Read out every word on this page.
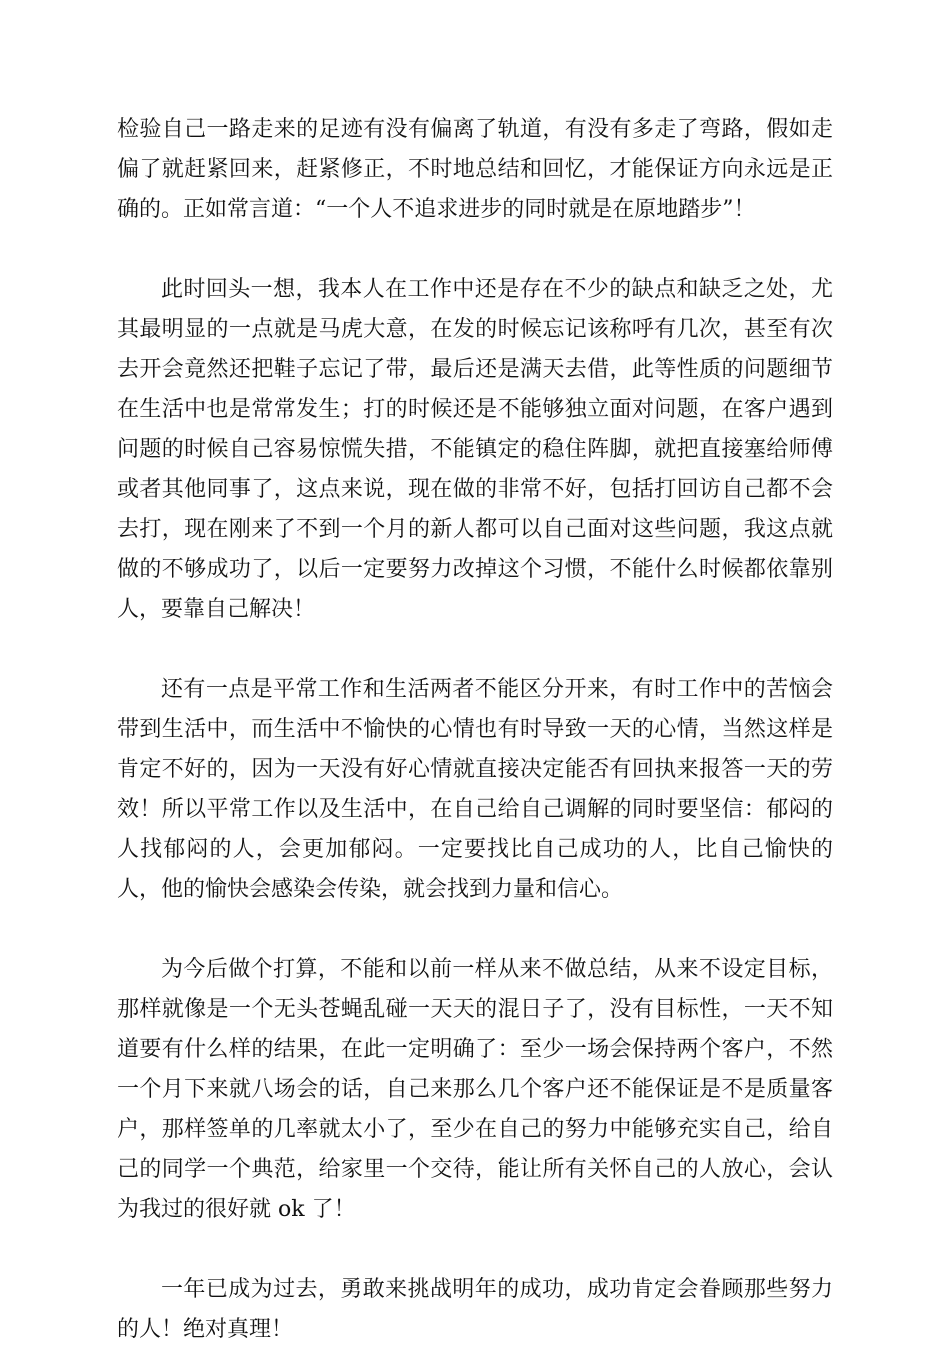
检验自己一路走来的足迹有没有偏离了轨道，有没有多走了弯路，假如走偏了就赶紧回来，赶紧修正，不时地总结和回忆，才能保证方向永远是正确的。正如常言道：“一个人不追求进步的同时就是在原地踏步”！

此时回头一想，我本人在工作中还是存在不少的缺点和缺乏之处，尤其最明显的一点就是马虎大意，在发的时候忘记该称呼有几次，甚至有次去开会竟然还把鞋子忘记了带，最后还是满天去借，此等性质的问题细节在生活中也是常常发生；打的时候还是不能够独立面对问题，在客户遇到问题的时候自己容易惊慌失措，不能镇定的稳住阵脚，就把直接塞给师傅或者其他同事了，这点来说，现在做的非常不好，包括打回访自己都不会去打，现在刚来了不到一个月的新人都可以自己面对这些问题，我这点就做的不够成功了，以后一定要努力改掉这个习惯，不能什么时候都依靠别人，要靠自己解决！

还有一点是平常工作和生活两者不能区分开来，有时工作中的苦恼会带到生活中，而生活中不愉快的心情也有时导致一天的心情，当然这样是肯定不好的，因为一天没有好心情就直接决定能否有回执来报答一天的劳效！所以平常工作以及生活中，在自己给自己调解的同时要坚信：郁闷的人找郁闷的人，会更加郁闷。一定要找比自己成功的人，比自己愉快的人，他的愉快会感染会传染，就会找到力量和信心。

为今后做个打算，不能和以前一样从来不做总结，从来不设定目标，那样就像是一个无头苍蝇乱碰一天天的混日子了，没有目标性，一天不知道要有什么样的结果，在此一定明确了：至少一场会保持两个客户，不然一个月下来就八场会的话，自己来那么几个客户还不能保证是不是质量客户，那样签单的几率就太小了，至少在自己的努力中能够充实自己，给自己的同学一个典范，给家里一个交待，能让所有关怀自己的人放心，会认为我过的很好就 ok 了！

一年已成为过去，勇敢来挑战明年的成功，成功肯定会眷顾那些努力的人！绝对真理！
